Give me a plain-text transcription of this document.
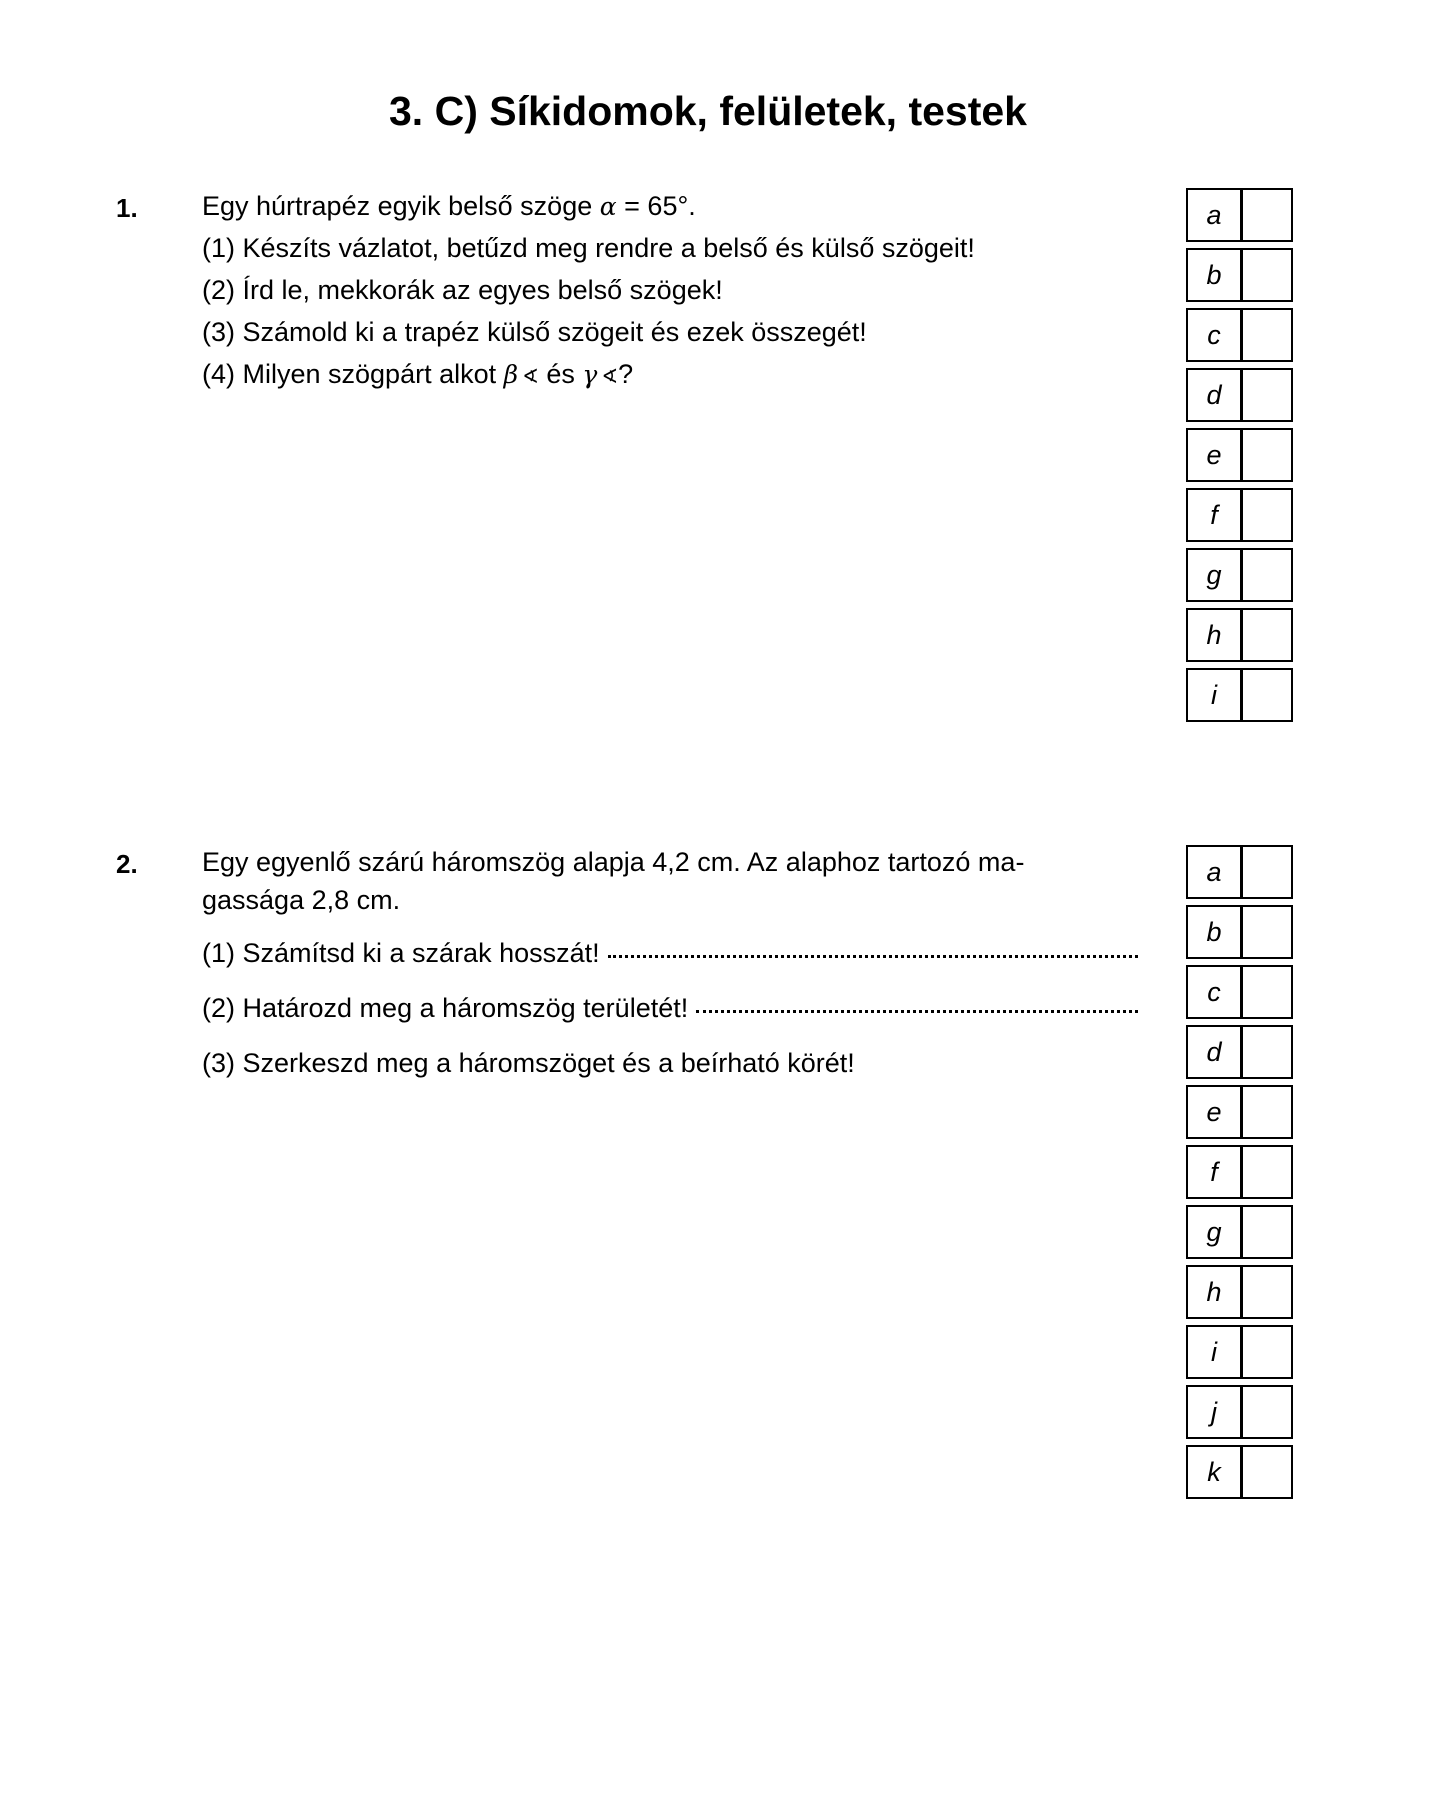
3. C) Síkidomok, felületek, testek
1. Egy húrtrapéz egyik belső szöge α = 65°.
(1) Készíts vázlatot, betűzd meg rendre a belső és külső szögeit!
(2) Írd le, mekkorák az egyes belső szögek!
(3) Számold ki a trapéz külső szögeit és ezek összegét!
(4) Milyen szögpárt alkot β ∢ és γ ∢?
a
b
c
d
e
f
g
h
i
2. Egy egyenlő szárú háromszög alapja 4,2 cm. Az alaphoz tartozó ma-
gassága 2,8 cm.
(1) Számítsd ki a szárak hosszát!
(2) Határozd meg a háromszög területét!
(3) Szerkeszd meg a háromszöget és a beírható körét!
a
b
c
d
e
f
g
h
i
j
k
